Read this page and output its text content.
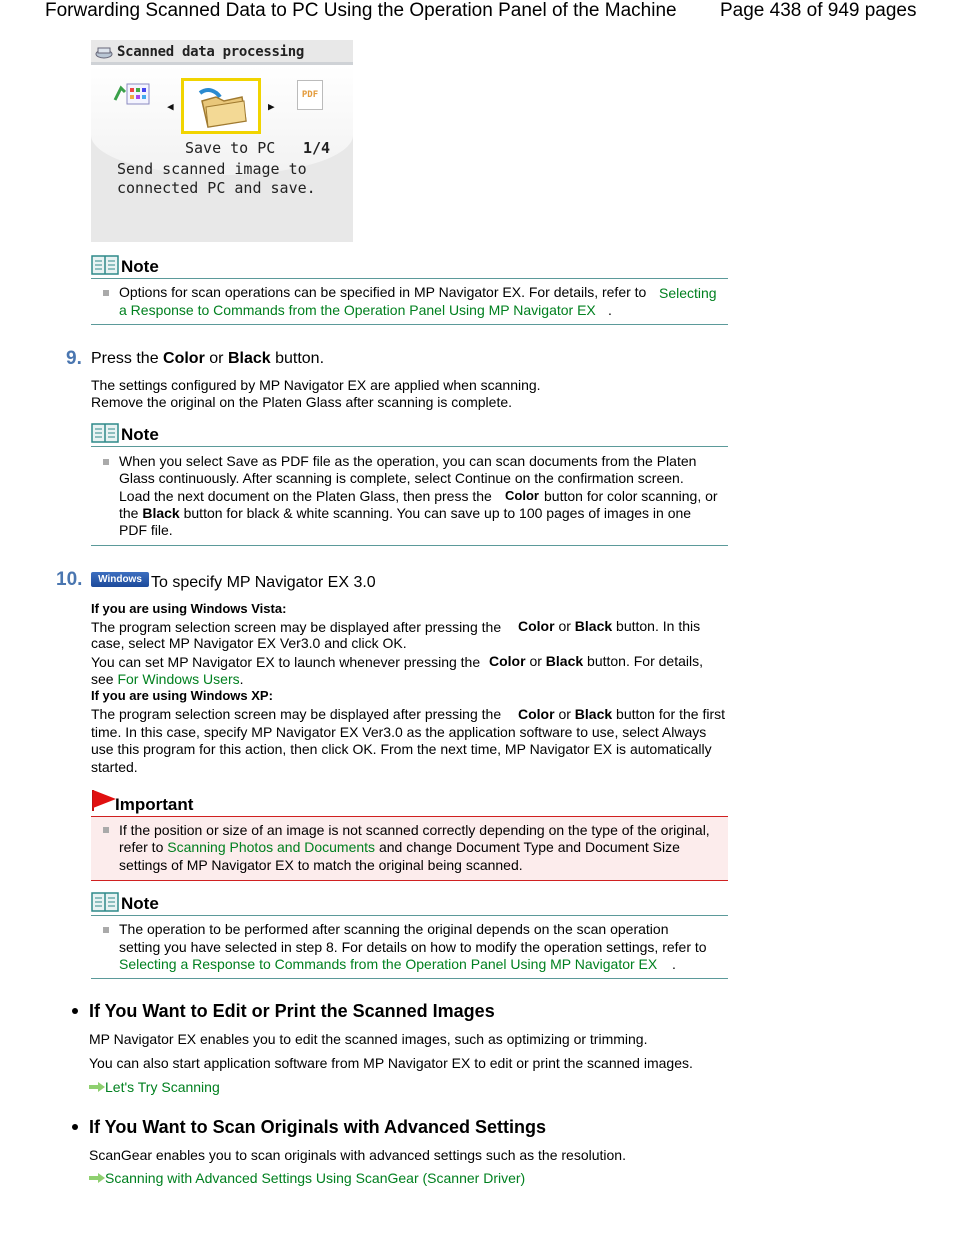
Forwarding Scanned Data to PC Using the Operation Panel of the Machine Page 438 of 949 pages
Scanned data processing
◀	▶
PDF
Save to PC 1/4
Send scanned image to
connected PC and save.
Note
Options for scan operations can be specified in MP Navigator EX. For details, refer to Selecting
a Response to Commands from the Operation Panel Using MP Navigator EX .
9. Press the Color or Black button.
The settings configured by MP Navigator EX are applied when scanning.
Remove the original on the Platen Glass after scanning is complete.
Note
When you select Save as PDF file as the operation, you can scan documents from the Platen
Glass continuously. After scanning is complete, select Continue on the confirmation screen.
Load the next document on the Platen Glass, then press the Color button for color scanning, or
the Black button for black & white scanning. You can save up to 100 pages of images in one
PDF file.
10.	Windows To specify MP Navigator EX 3.0
If you are using Windows Vista:
The program selection screen may be displayed after pressing the Color or Black button. In this
case, select MP Navigator EX Ver3.0 and click OK.
You can set MP Navigator EX to launch whenever pressing the Color or Black button. For details,
see For Windows Users.
If you are using Windows XP:
The program selection screen may be displayed after pressing the Color or Black button for the first
time. In this case, specify MP Navigator EX Ver3.0 as the application software to use, select Always
use this program for this action, then click OK. From the next time, MP Navigator EX is automatically
started.
Important
If the position or size of an image is not scanned correctly depending on the type of the original,
refer to Scanning Photos and Documents and change Document Type and Document Size
settings of MP Navigator EX to match the original being scanned.
Note
The operation to be performed after scanning the original depends on the scan operation
setting you have selected in step 8. For details on how to modify the operation settings, refer to
Selecting a Response to Commands from the Operation Panel Using MP Navigator EX .
If You Want to Edit or Print the Scanned Images
MP Navigator EX enables you to edit the scanned images, such as optimizing or trimming.
You can also start application software from MP Navigator EX to edit or print the scanned images.
Let's Try Scanning
If You Want to Scan Originals with Advanced Settings
ScanGear enables you to scan originals with advanced settings such as the resolution.
Scanning with Advanced Settings Using ScanGear (Scanner Driver)
